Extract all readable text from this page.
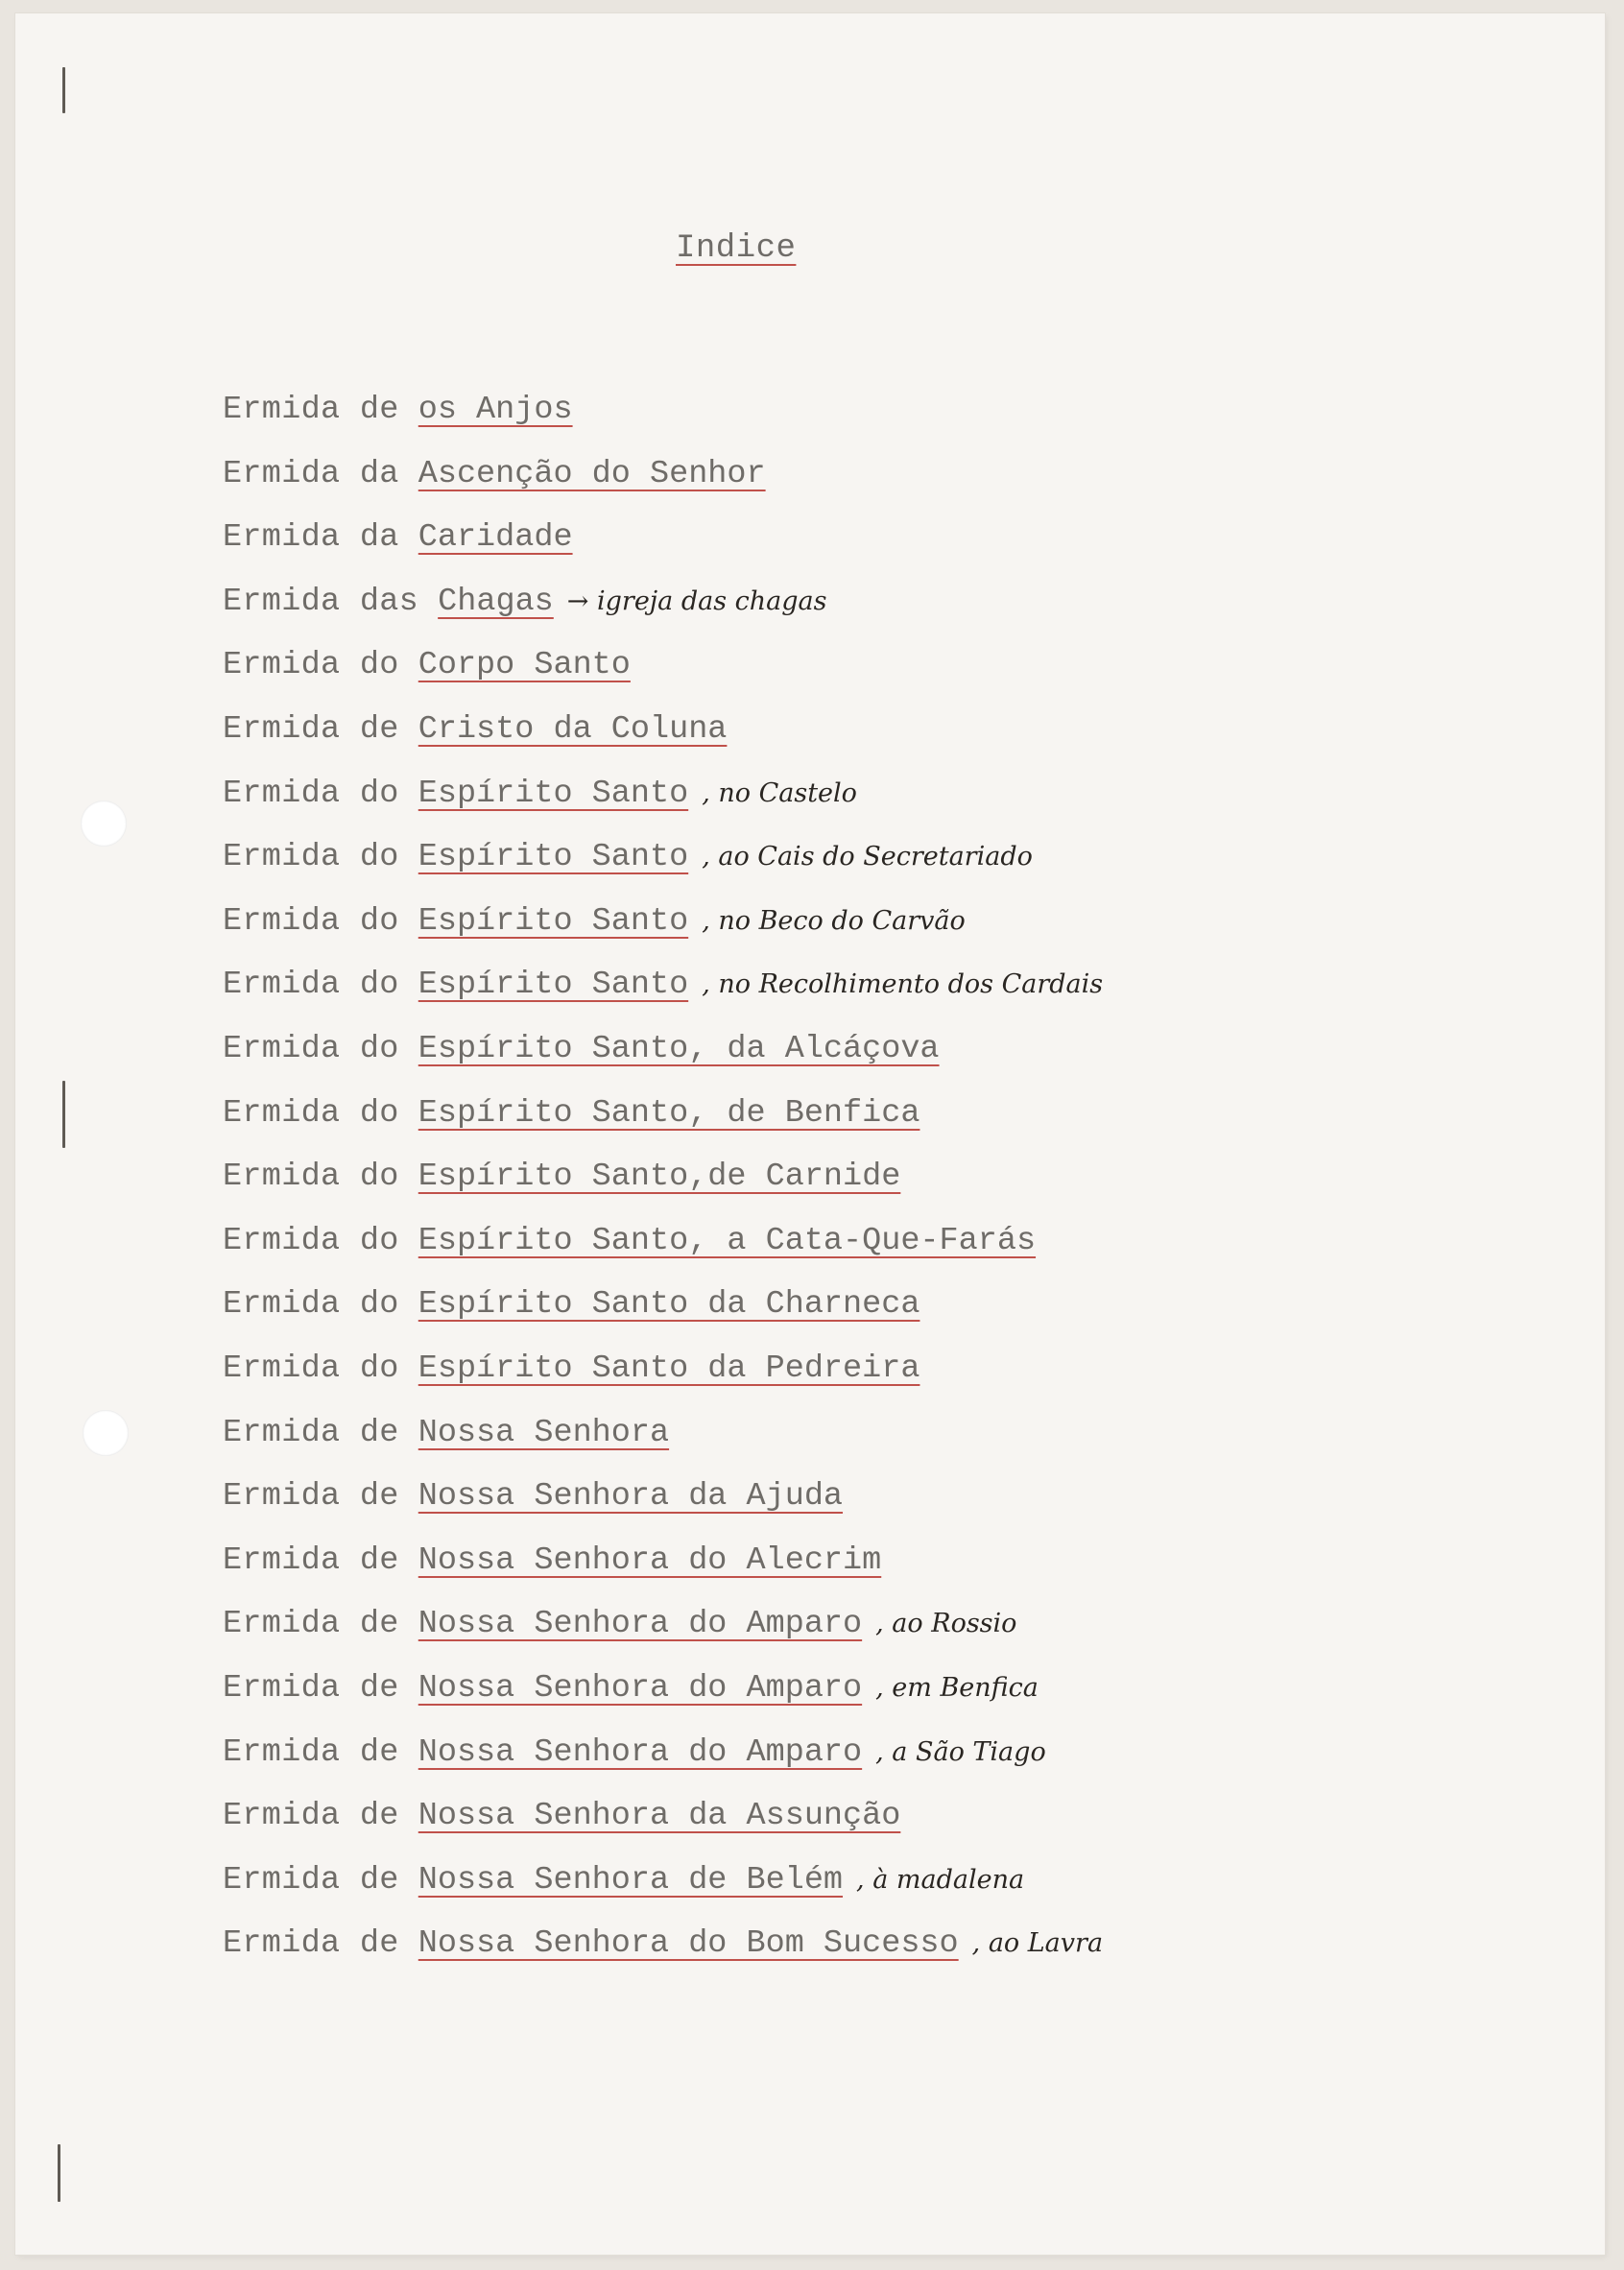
Indice
Ermida de os Anjos
Ermida da Ascenção do Senhor
Ermida da Caridade
Ermida das Chagas → igreja das chagas
Ermida do Corpo Santo
Ermida de Cristo da Coluna
Ermida do Espírito Santo , no Castelo
Ermida do Espírito Santo , ao Cais do Secretariado
Ermida do Espírito Santo , no Beco do Carvão
Ermida do Espírito Santo , no Recolhimento dos Cardais
Ermida do Espírito Santo, da Alcáçova
Ermida do Espírito Santo, de Benfica
Ermida do Espírito Santo,de Carnide
Ermida do Espírito Santo, a Cata-Que-Farás
Ermida do Espírito Santo da Charneca
Ermida do Espírito Santo da Pedreira
Ermida de Nossa Senhora
Ermida de Nossa Senhora da Ajuda
Ermida de Nossa Senhora do Alecrim
Ermida de Nossa Senhora do Amparo , ao Rossio
Ermida de Nossa Senhora do Amparo , em Benfica
Ermida de Nossa Senhora do Amparo , a São Tiago
Ermida de Nossa Senhora da Assunção
Ermida de Nossa Senhora de Belém , à madalena
Ermida de Nossa Senhora do Bom Sucesso , ao Lavra
